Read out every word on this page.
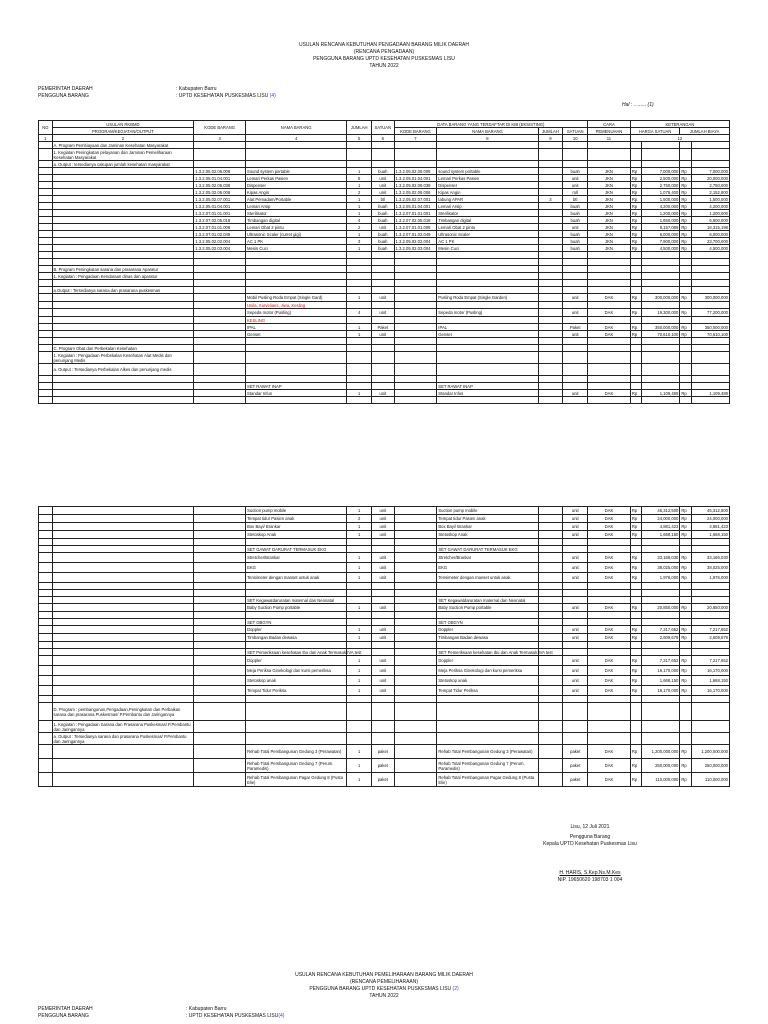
USULAN RENCANA KEBUTUHAN PENGADAAN BARANG MILIK DAERAH
(RENCANA PENGADAAN)
PENGGUNA BARANG UPTD KESEHATAN PUSKESMAS LISU
TAHUN 2022
PEMERINTAH DAERAH
PENGGUNA BARANG
: Kabupaten Barru
: UPTD KESEHATAN PUSKESMAS LISU (4)
Hal : ......... (1)
NO	USULAN RKBMD	KODE BARANG	NAMA BARANG	JUMLAH	SATUAN	DATA BARANG YANG TERDAFTAR DI KIB (EKSISTING)				CARA	KETERANGAN			
	PROGRAM/KEGIATAN/OUTPUT					KODE BARANG	NAMA BARANG	JUMLAH	SATUAN	PEMENUHAN	HARGA SATUAN		JUMLAH BIAYA	
1	2	3	4	5	6	7	8	9	10	11	12			
	A. Program Pembiayaan dan Jaminan Kesehatan Masyarakat													
	1. Kegiatan Peningkatan pelayanan dan Jaminan Pemeliharaan Kesehatan Masyarakat													
	a. Output : tersedianya cakupan jumlah kesehatan masyarakat													
		1.3.2.05.02.06.008	Sound system portable	1	buah	1.3.2.05.02.06.008	sound system portable		buah	JKN	Rp	7,000,000	Rp	7,000,000
		1.3.2.05.01.04.001	Lemari Perkas Pasien	8	unit	1.3.2.05.01.04.001	Lemari Perkas Pasien		unit	JKN	Rp	2,500,000	Rp	20,000,000
		1.3.2.05.02.06.038	Dispenser	1	unit	1.3.2.05.02.06.038	Dispenser		unit	JKN	Rp	2,750,000	Rp	2,750,000
		1.3.2.05.02.06.006	Kipas Angin	2	unit	1.3.2.05.02.06.006	Kipas Angin		roll	JKN	Rp	1,076,400	Rp	2,152,800
		1.3.2.05.02.07.001	Alat Pemadam/Portable	1	btl	1.3.2.05.02.07.001	tabung APAR	3	btl	JKN	Rp	1,500,000	Rp	1,500,000
		1.3.2.05.01.04.001	Lemari Arsip	1	buah	1.3.2.05.01.04.001	Lemari Arsip		buah	JKN	Rp	4,200,000	Rp	4,200,000
		1.3.2.07.01.01.001	Sterilisator	1	buah	1.3.2.07.01.01.001	Sterilisator		buah	JKN	Rp	1,200,000	Rp	1,200,000
		1.3.2.07.02.05.018	Timbangan digital	4	buah	1.3.2.07.02.05.018	Timbangan digital		buah	JKN	Rp	1,650,000	Rp	6,600,000
		1.3.2.07.01.01.008	Lemari Obat 2 pintu	2	unit	1.3.2.07.01.01.008	Lemari Obat 2 pintu		unit	JKN	Rp	8,157,089	Rp	16,315,198
		1.3.2.07.01.02.049	Ultrasonic Scaler (curret gigi)	1	buah	1.3.2.07.01.02.049	Ultrasonic Scaler		buah	JKN	Rp	6,000,000	Rp	6,000,000
		1.3.2.05.02.02.004	AC 1 PK	3	buah	1.3.2.05.02.02.004	AC 1 PK		buah	JKN	Rp	7,900,000	Rp	23,700,000
		1.3.2.05.02.03.004	Mesin Cuci	1	buah	1.3.2.05.02.03.004	Mesin Cuci		buah	JKN	Rp	4,500,000	Rp	4,500,000

	B. Program Peningkatan sarana dan prasarana Aparatur													
	1. Kegiatan : Pengadaan Kendaraan dinas dan aparatur													

	a.Output : Tersedianya sarana dan prasarana puskesmas													
			Mobil Pusling Roda Empat (Single Gard)	1	unit		Pusling Roda Empat (Single Garden)		unit	DAK	Rp	300,000,000	Rp	300,000,000
			Unila, Survelians, Jiwa, Kesling											
			Sepeda motor (Pusling)	4	unit		Sepeda motor (Pusling)		unit	DAK	Rp	19,300,000	Rp	77,200,000
			KESLING											
			IPAL	1	Paket		IPAL		Paket	DAK	Rp	350,000,000	Rp	350,000,000
			Genset	1	unit		Genset		unit	DAK	Rp	70,610,100	Rp	70,610,100

	C. Program Obat dan Perbekalan Kesehatan													
	1. Kegiatan : Pengadaan Perbekalan Kesehatan Alat Medis dan penunjang Medis													
	a. Output : Tersedianya Perbekalan Alkes dan penunjang medis													

			SET RAWAT INAP				SET RAWAT INAP							
			Standar Infus	1	unit		Standar Infus		unit	DAK	Rp	1,109,489	Rp	1,109,489

			Suction pump mobile	1	unit		Suction pump mobile		unit	DAK	Rp	45,312,500	Rp	45,312,500
			Tempat tidur Pasien anak	2	unit		Tempat tidur Pasien anak		unit	DAK	Rp	24,000,000	Rp	24,000,000
			Box Bayi/ Brankar	1	unit		Box Bayi/ Brankar		unit	DAK	Rp	4,881,423	Rp	4,881,423
			Stetoskop Anak	1	unit		Stetoskop Anak		unit	DAK	Rp	1,668,150	Rp	1,668,150

			SET GAWAT DARURAT TERMASUK EKG				SET GAWAT DARURAT TERMASUK EKG							
			Stretcher/Brankar	1	unit		Stretcher/Brankar		unit	DAK	Rp	33,166,030	Rp	33,166,030
			EKG	1	unit		EKG		unit	DAK	Rp	38,025,000	Rp	38,025,000
			Tensimeter dengan manset untuk anak	1	unit		Tensimeter dengan manset untuk anak		unit	DAK	Rp	1,976,000	Rp	1,976,000

			SET Kegawatdaruratan maternal dan Neonatal				SET Kegawatdaruratan maternal dan Neonatal							
			Baby Suction Pump portable	1	unit		Baby Suction Pump portable		unit	DAK	Rp	20,850,000	Rp	20,850,000

			SET OBGYN				SET OBGYN							
			Doppler	1	unit		Doppler		unit	DAK	Rp	7,217,652	Rp	7,217,652
			Timbangan Badan dewasa	1	unit		Timbangan Badan dewasa		unit	DAK	Rp	2,609,679	Rp	2,609,679

			SET Pemeriksaan kesehatan Ibu dan Anak Termasuk IVA test				SET Pemeriksaan kesehatan Ibu dan Anak Termasuk IVA test							
			Doppler	1	unit		Doppler		unit	DAK	Rp	7,217,652	Rp	7,217,652
			Meja Periksa Ginekologi dan kursi pemeriksa	1	unit		Meja Periksa Ginekologi dan kursi pemeriksa		unit	DAK	Rp	16,170,000	Rp	16,170,000
			Stetoskop anak	1	unit		Stetoskop anak		unit	DAK	Rp	1,668,150	Rp	1,668,150
			Tempat Tidur Periksa	1	unit		Tempat Tidur Periksa		unit	DAK	Rp	16,170,000	Rp	16,170,000

	D. Program : pembangunan,Pengadaan,Peningkatan dan Perbaikan sarana dan prasarana Puskesmas/ P.Pembantu dan Jaringannya													
	1. Kegiatan : Pengadaan Sarana dan Prasarana Puskesmas/ P.Pembantu dan Jaringannya													
	a. Output : Tersedianya sarana dan prasarana Puskesmas/ P.Pembantu dan Jaringannya													
			Rehab Total Pembangunan Gedung 3 (Perawatan)	1	paket		Rehab Total Pembangunan Gedung 3 (Perawatan)		paket	DAK	Rp	1,200,000,000	Rp	1,200,000,000
			Rehab Total Pembangunan Gedung 7 (Perum. Paramedis)	1	paket		Rehab Total Pembangunan Gedung 7 (Perum. Paramedis)		paket	DAK	Rp	250,000,000	Rp	250,000,000
			Rehab Total Pembangunan Pagar Gedung 8 (Pusta Elie)	1	paket		Rehab Total Pembangunan Pagar Gedung 8 (Pusta Elie)		paket	DAK	Rp	110,000,000	Rp	110,000,000
Lisu, 12 Juli 2021
Pengguna Barang
Kepala UPTD Kesehatan Puskesmas Lisu
H. HARIS, S.Kep.Ns.M.Kes
NIP. 19650620 198703 1 004
USULAN RENCANA KEBUTUHAN PEMELIHARAAN BARANG MILIK DAERAH
(RENCANA PEMELIHARAAN)
PENGGUNA BARANG UPTD KESEHATAN PUSKESMAS LISU (2)
TAHUN 2022
PEMERINTAH DAERAH
PENGGUNA BARANG
: Kabupaten Barru
: UPTD KESEHATAN PUSKESMAS LISU(4)
